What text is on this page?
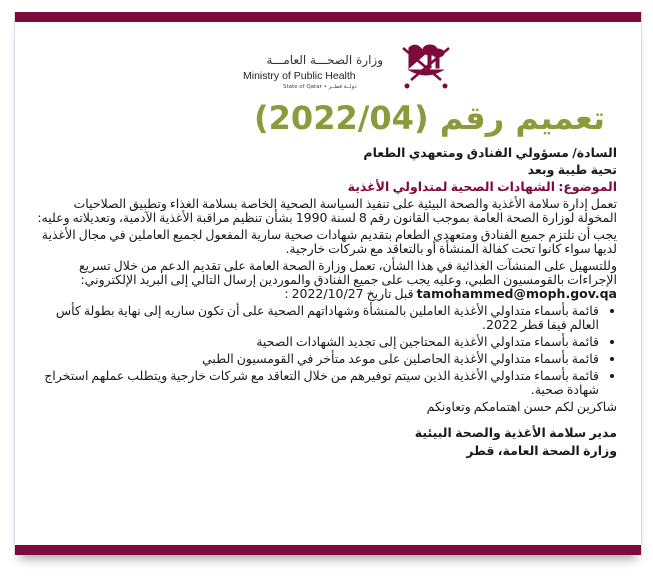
وزارة الصحـــة العامـــة
Ministry of Public Health
State of Qatar • دولــة قطــر
تعميم رقم (2022/04)

السادة/ مسؤولي الفنادق ومتعهدي الطعام

تحية طيبة وبعد

الموضوع: الشهادات الصحية لمتداولي الأغذية

تعمل إدارة سلامة الأغذية والصحة البيئية على تنفيذ السياسة الصحية الخاصة بسلامة الغذاء وتطبيق الصلاحيات المخولة لوزارة الصحة العامة بموجب القانون رقم 8 لسنة 1990 بشأن تنظيم مراقبة الأغذية الآدمية، وتعديلاته وعليه:

يجب أن تلتزم جميع الفنادق ومتعهدي الطعام بتقديم شهادات صحية سارية المفعول لجميع العاملين في مجال الأغذية لديها سواء كانوا تحت كفالة المنشأة أو بالتعاقد مع شركات خارجية.

وللتسهيل على المنشآت الغذائية في هذا الشأن، تعمل وزارة الصحة العامة على تقديم الدعم من خلال تسريع الإجراءات بالقومسيون الطبي، وعليه يجب على جميع الفنادق والموردين إرسال التالي إلى البريد الإلكتروني: tamohammed@moph.gov.qa قبل تاريخ 2022/10/27 :

• قائمة بأسماء متداولي الأغذية العاملين بالمنشأة وشهاداتهم الصحية على أن تكون ساريه إلى نهاية بطولة كأس العالم فيفا قطر 2022.
• قائمة بأسماء متداولي الأغذية المحتاجين إلى تجديد الشهادات الصحية
• قائمة بأسماء متداولي الأغذية الحاصلين على موعد متأخر في القومسيون الطبي
• قائمة بأسماء متداولي الأغذية الذين سيتم توفيرهم من خلال التعاقد مع شركات خارجية ويتطلب عملهم استخراج شهادة صحية.

شاكرين لكم حسن اهتمامكم وتعاونكم

مدير سلامة الأغذية والصحة البيئية

وزارة الصحة العامة، قطر
